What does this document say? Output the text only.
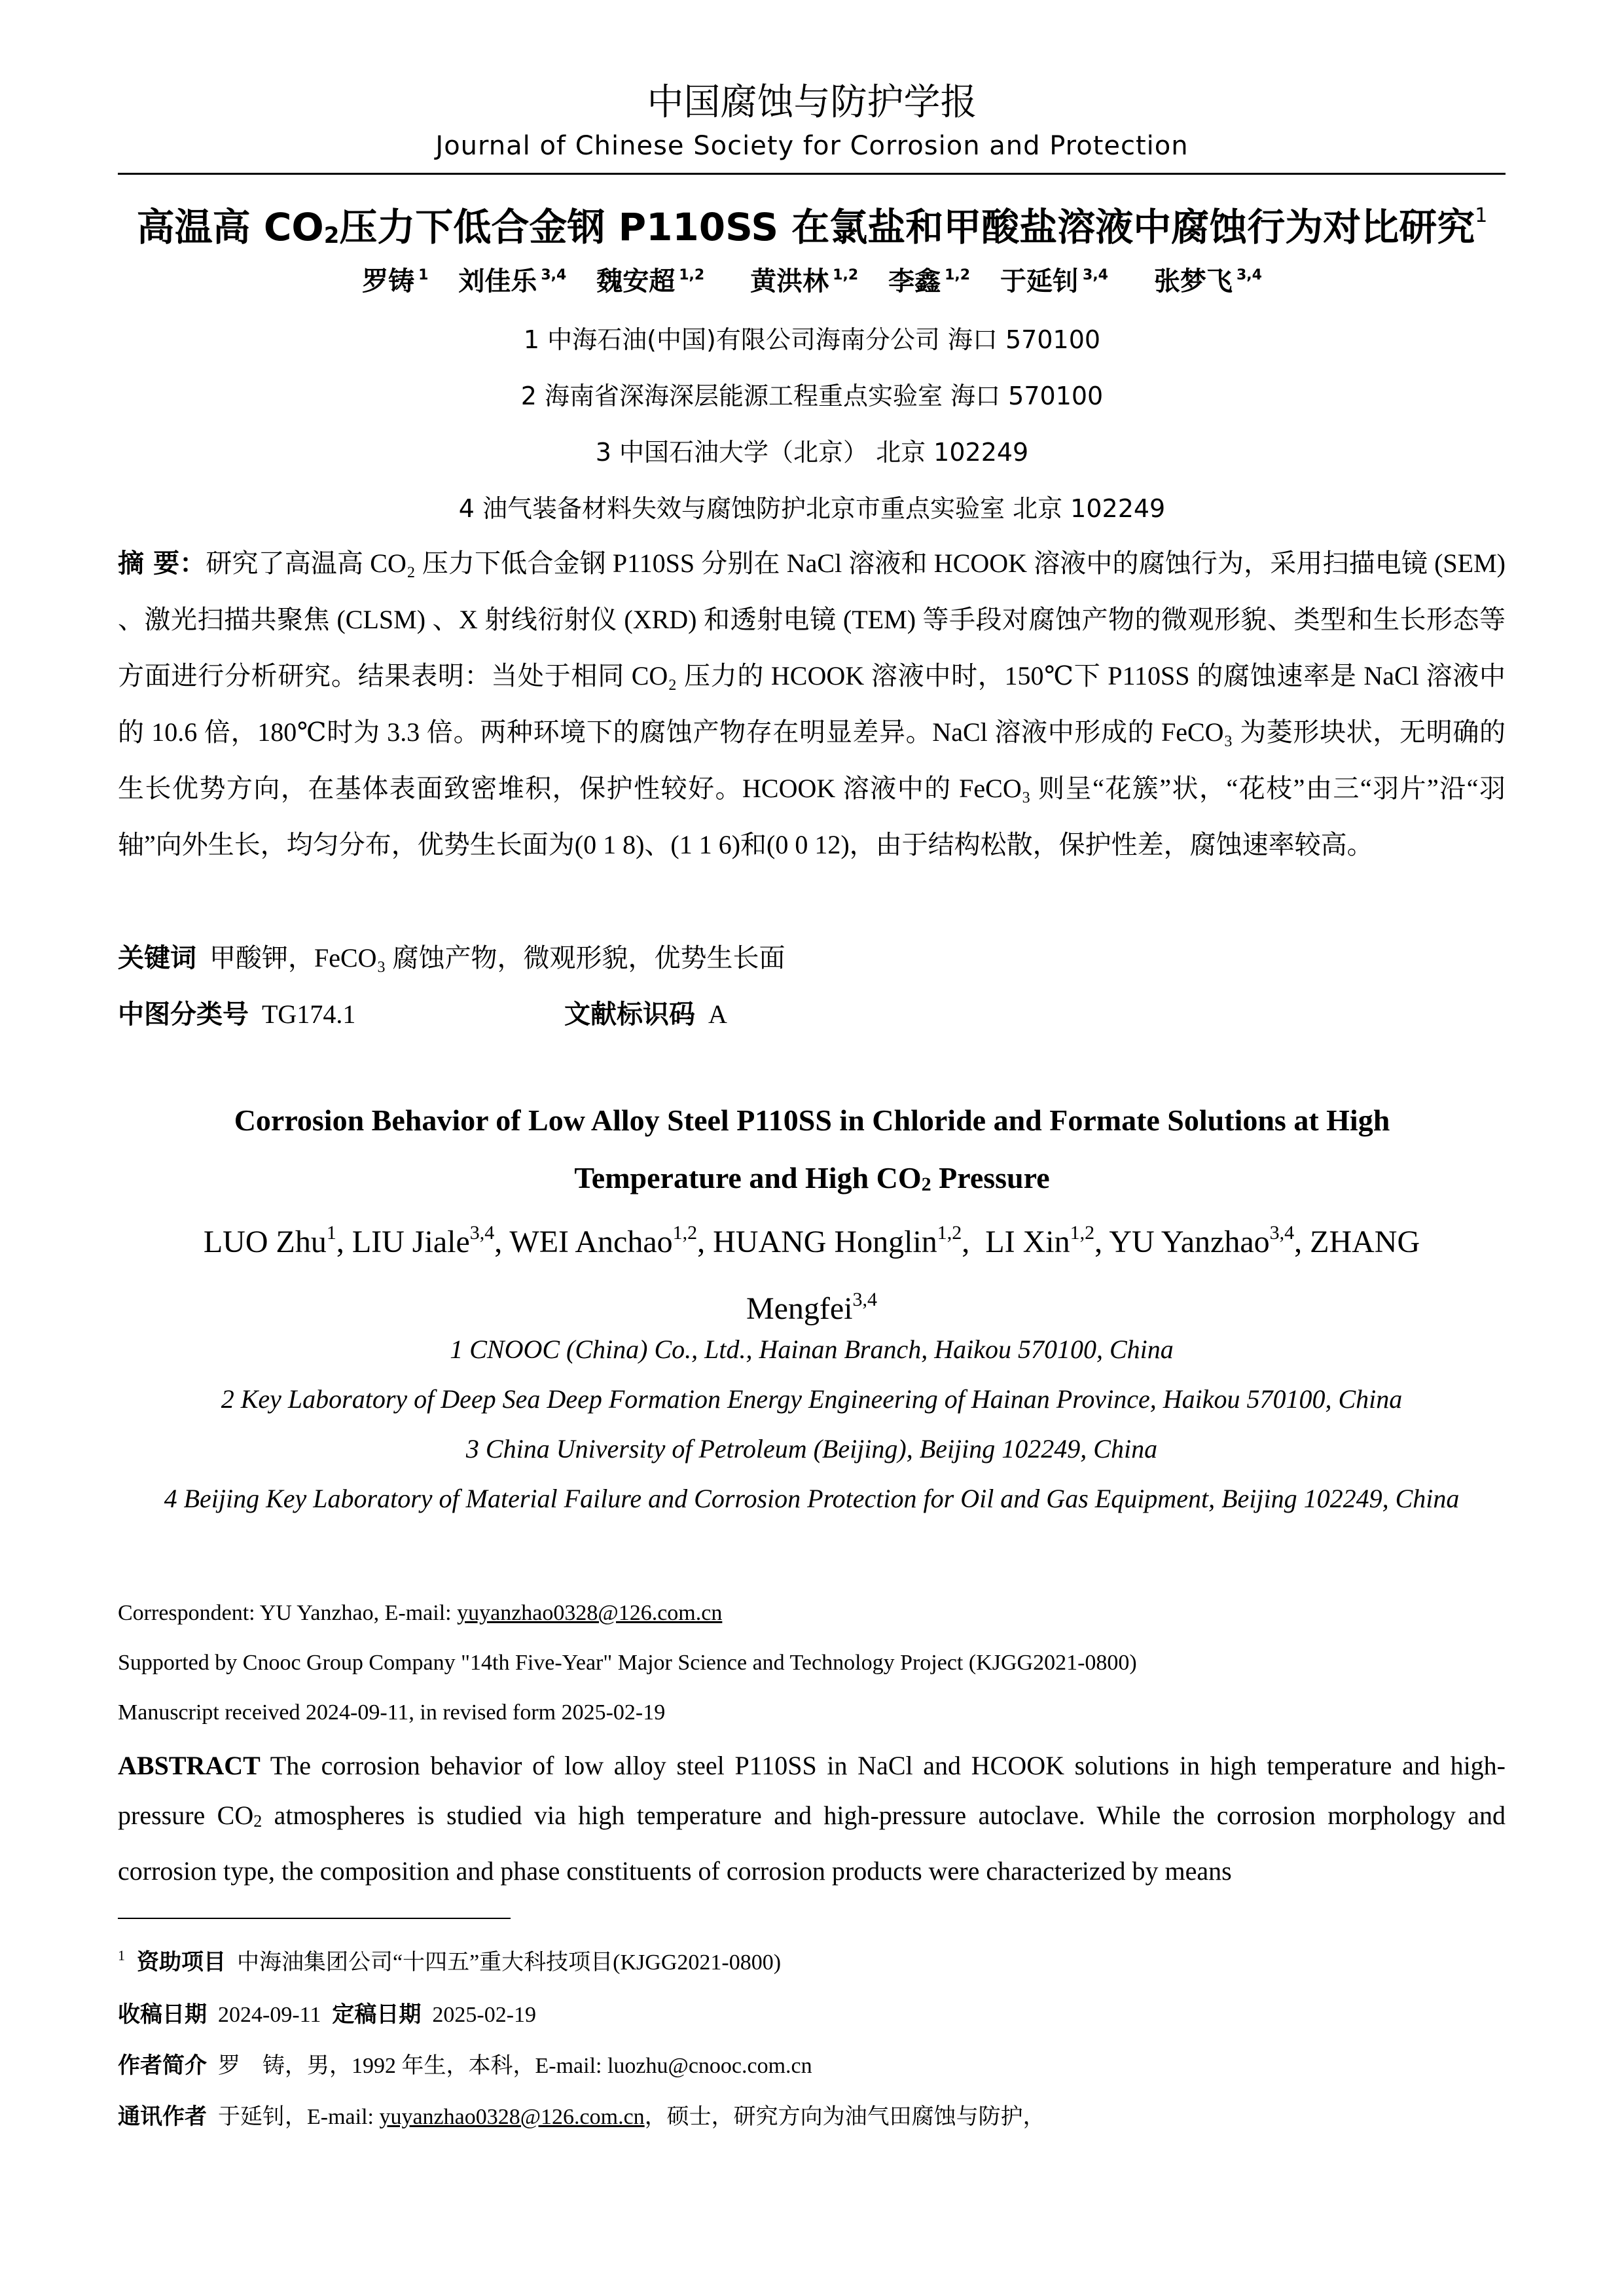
中国腐蚀与防护学报
Journal of Chinese Society for Corrosion and Protection
高温高 $CO_2$压力下低合金钢 P110SS 在氯盐和甲酸盐溶液中腐蚀行为对比研究$^1$
罗铸 $^1$ 刘佳乐 $^{3,4}$ 魏安超 $^{1,2}$ 黄洪林 $^{1,2}$ 李鑫 $^{1,2}$ 于延钊 $^{3,4}$ 张梦飞 $^{3,4}$
1 中海石油(中国)有限公司海南分公司 海口 570100
2 海南省深海深层能源工程重点实验室 海口 570100
3 中国石油大学（北京） 北京 102249
4 油气装备材料失效与腐蚀防护北京市重点实验室 北京 102249
摘 要：研究了高温高 CO₂ 压力下低合金钢 P110SS 分别在 NaCl 溶液和 HCOOK 溶液中的腐蚀行为，采用扫描电镜 (SEM) 、激光扫描共聚焦 (CLSM) 、X 射线衍射仪 (XRD) 和透射电镜 (TEM) 等手段对腐蚀产物的微观形貌、类型和生长形态等方面进行分析研究。结果表明：当处于相同 CO₂ 压力的 HCOOK 溶液中时，150℃下 P110SS 的腐蚀速率是 NaCl 溶液中的 10.6 倍，180℃时为 3.3 倍。两种环境下的腐蚀产物存在明显差异。NaCl 溶液中形成的 FeCO₃ 为菱形块状，无明确的生长优势方向，在基体表面致密堆积，保护性较好。HCOOK 溶液中的 FeCO₃ 则呈“花簇”状，“花枝”由三“羽片”沿“羽轴”向外生长，均匀分布，优势生长面为(0 1 8)、(1 1 6)和(0 0 12)，由于结构松散，保护性差，腐蚀速率较高。
关键词 甲酸钾，FeCO₃ 腐蚀产物，微观形貌，优势生长面
中图分类号 TG174.1	文献标识码 A
Corrosion Behavior of Low Alloy Steel P110SS in Chloride and Formate Solutions at High
Temperature and High $CO_2$ Pressure
LUO Zhu$^1$, LIU Jiale$^{3,4}$, WEI Anchao$^{1,2}$, HUANG Honglin$^{1,2}$,  LI Xin$^{1,2}$, YU Yanzhao$^{3,4}$, ZHANG Mengfei$^{3,4}$
1 CNOOC (China) Co., Ltd., Hainan Branch, Haikou 570100, China
2 Key Laboratory of Deep Sea Deep Formation Energy Engineering of Hainan Province, Haikou 570100, China
3 China University of Petroleum (Beijing), Beijing 102249, China
4 Beijing Key Laboratory of Material Failure and Corrosion Protection for Oil and Gas Equipment, Beijing 102249, China
Correspondent: YU Yanzhao, E-mail: yuyanzhao0328@126.com.cn
Supported by Cnooc Group Company "14th Five-Year" Major Science and Technology Project (KJGG2021-0800)
Manuscript received 2024-09-11, in revised form 2025-02-19
ABSTRACT The corrosion behavior of low alloy steel P110SS in NaCl and HCOOK solutions in high temperature and high-pressure $CO_2$ atmospheres is studied via high temperature and high-pressure autoclave. While the corrosion morphology and corrosion type, the composition and phase constituents of corrosion products were characterized by means
$^1$ 资助项目 中海油集团公司“十四五”重大科技项目(KJGG2021-0800)
收稿日期 2024-09-11 定稿日期 2025-02-19
作者简介 罗　铸，男，1992 年生，本科，E-mail: luozhu@cnooc.com.cn
通讯作者 于延钊，E-mail: yuyanzhao0328@126.com.cn，硕士，研究方向为油气田腐蚀与防护，
